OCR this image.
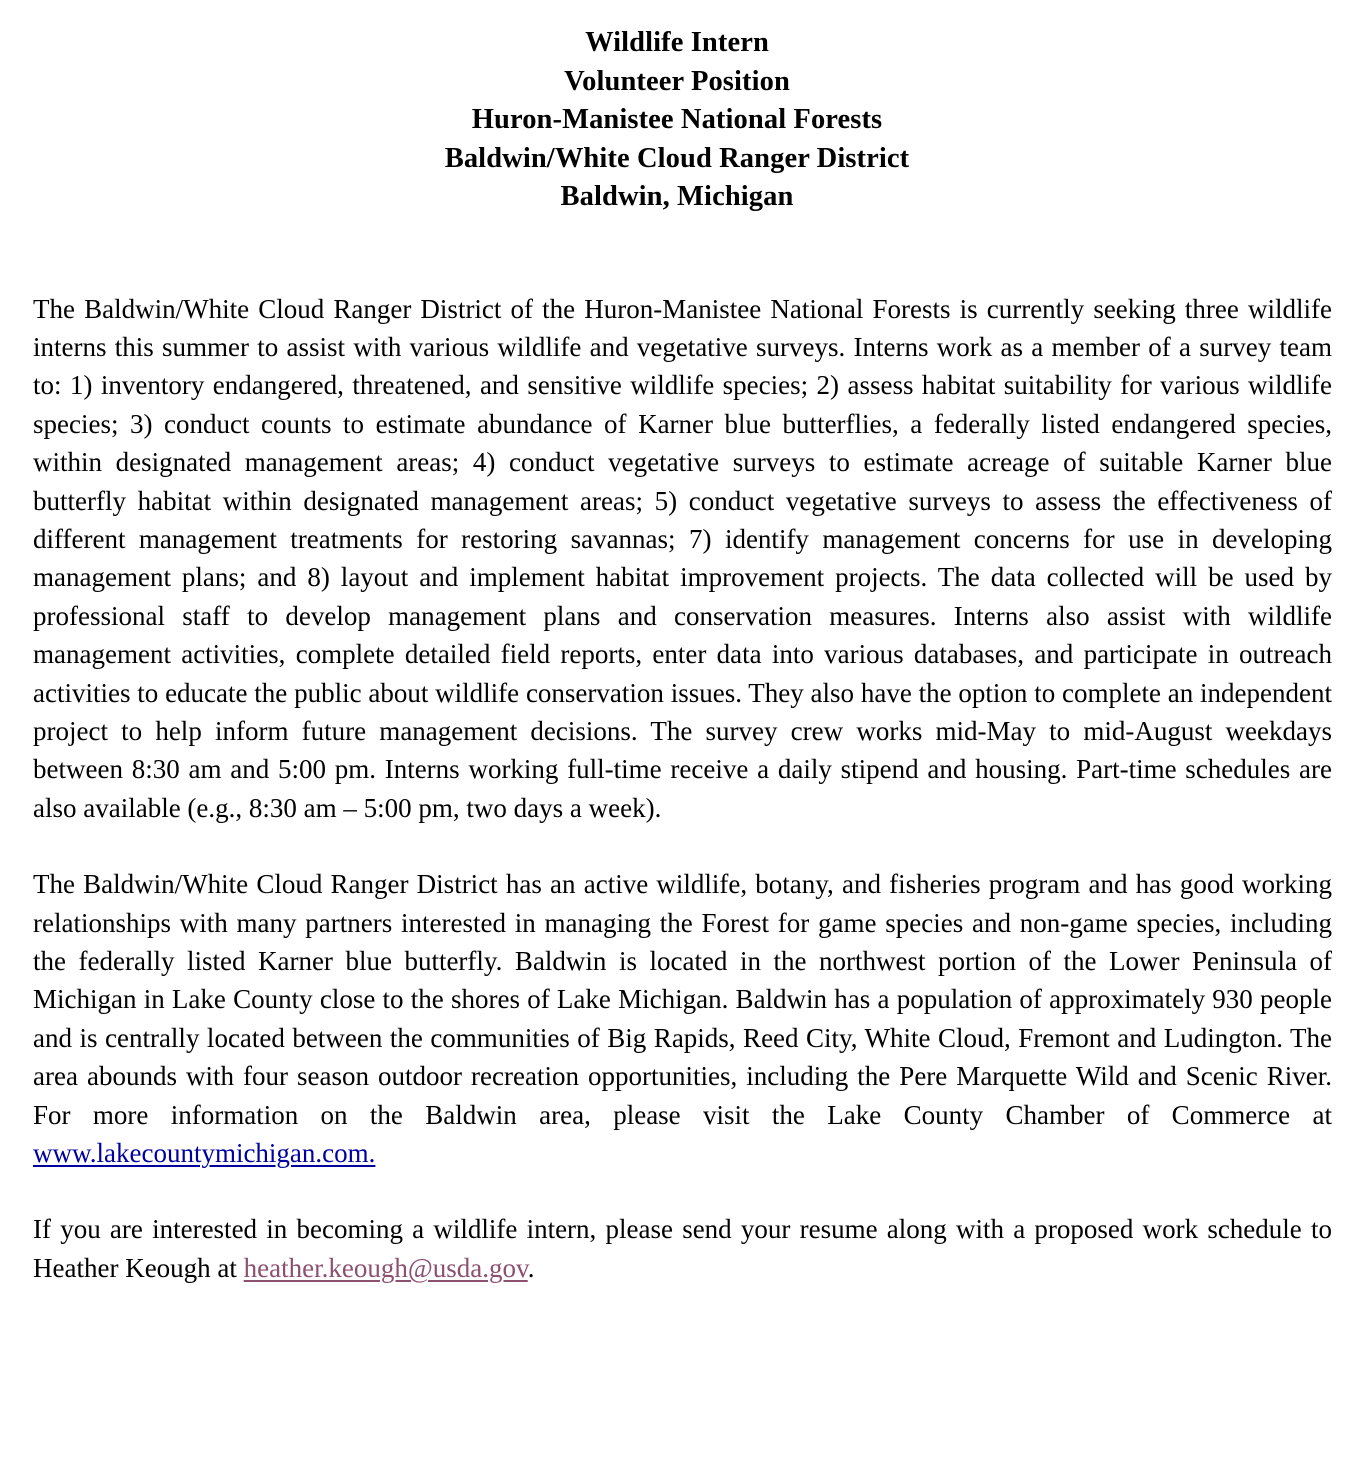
Wildlife Intern
Volunteer Position
Huron-Manistee National Forests
Baldwin/White Cloud Ranger District
Baldwin, Michigan

The Baldwin/White Cloud Ranger District of the Huron-Manistee National Forests is currently seeking three wildlife interns this summer to assist with various wildlife and vegetative surveys. Interns work as a member of a survey team to: 1) inventory endangered, threatened, and sensitive wildlife species; 2) assess habitat suitability for various wildlife species; 3) conduct counts to estimate abundance of Karner blue butterflies, a federally listed endangered species, within designated management areas; 4) conduct vegetative surveys to estimate acreage of suitable Karner blue butterfly habitat within designated management areas; 5) conduct vegetative surveys to assess the effectiveness of different management treatments for restoring savannas; 7) identify management concerns for use in developing management plans; and 8) layout and implement habitat improvement projects. The data collected will be used by professional staff to develop management plans and conservation measures. Interns also assist with wildlife management activities, complete detailed field reports, enter data into various databases, and participate in outreach activities to educate the public about wildlife conservation issues. They also have the option to complete an independent project to help inform future management decisions. The survey crew works mid-May to mid-August weekdays between 8:30 am and 5:00 pm. Interns working full-time receive a daily stipend and housing. Part-time schedules are also available (e.g., 8:30 am – 5:00 pm, two days a week).

The Baldwin/White Cloud Ranger District has an active wildlife, botany, and fisheries program and has good working relationships with many partners interested in managing the Forest for game species and non-game species, including the federally listed Karner blue butterfly. Baldwin is located in the northwest portion of the Lower Peninsula of Michigan in Lake County close to the shores of Lake Michigan. Baldwin has a population of approximately 930 people and is centrally located between the communities of Big Rapids, Reed City, White Cloud, Fremont and Ludington. The area abounds with four season outdoor recreation opportunities, including the Pere Marquette Wild and Scenic River. For more information on the Baldwin area, please visit the Lake County Chamber of Commerce at www.lakecountymichigan.com.

If you are interested in becoming a wildlife intern, please send your resume along with a proposed work schedule to Heather Keough at heather.keough@usda.gov.
